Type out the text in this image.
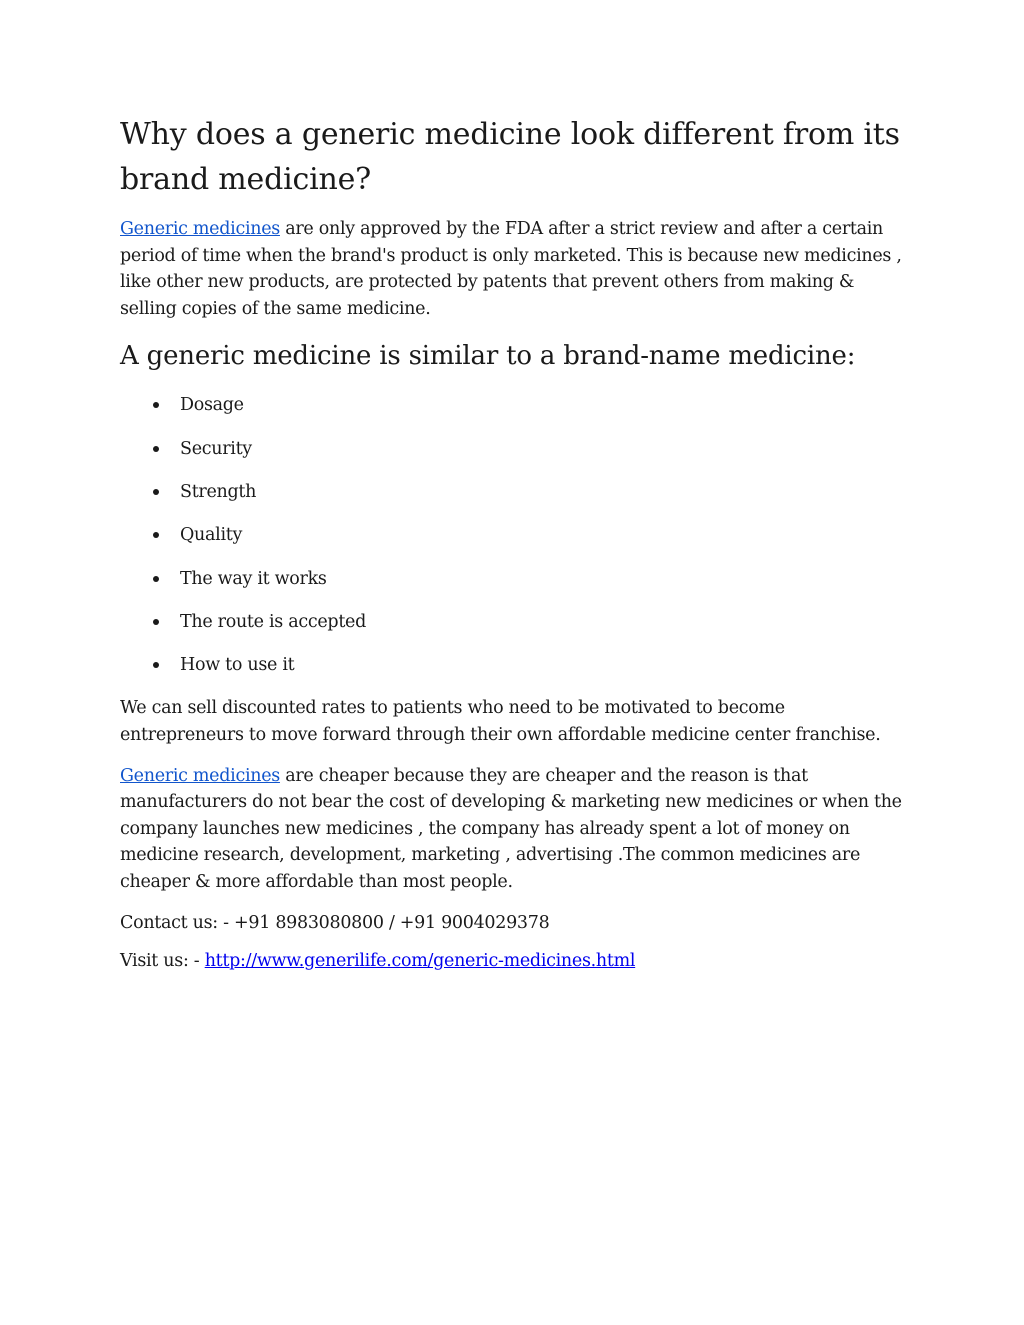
Why does a generic medicine look different from its brand medicine?

Generic medicines are only approved by the FDA after a strict review and after a certain period of time when the brand's product is only marketed. This is because new medicines , like other new products, are protected by patents that prevent others from making & selling copies of the same medicine.

A generic medicine is similar to a brand-name medicine:
Dosage
Security
Strength
Quality
The way it works
The route is accepted
How to use it

We can sell discounted rates to patients who need to be motivated to become entrepreneurs to move forward through their own affordable medicine center franchise.

Generic medicines are cheaper because they are cheaper and the reason is that manufacturers do not bear the cost of developing & marketing new medicines or when the company launches new medicines , the company has already spent a lot of money on medicine research, development, marketing , advertising .The common medicines are cheaper & more affordable than most people.

Contact us: - +91 8983080800 / +91 9004029378

Visit us: - http://www.generilife.com/generic-medicines.html
